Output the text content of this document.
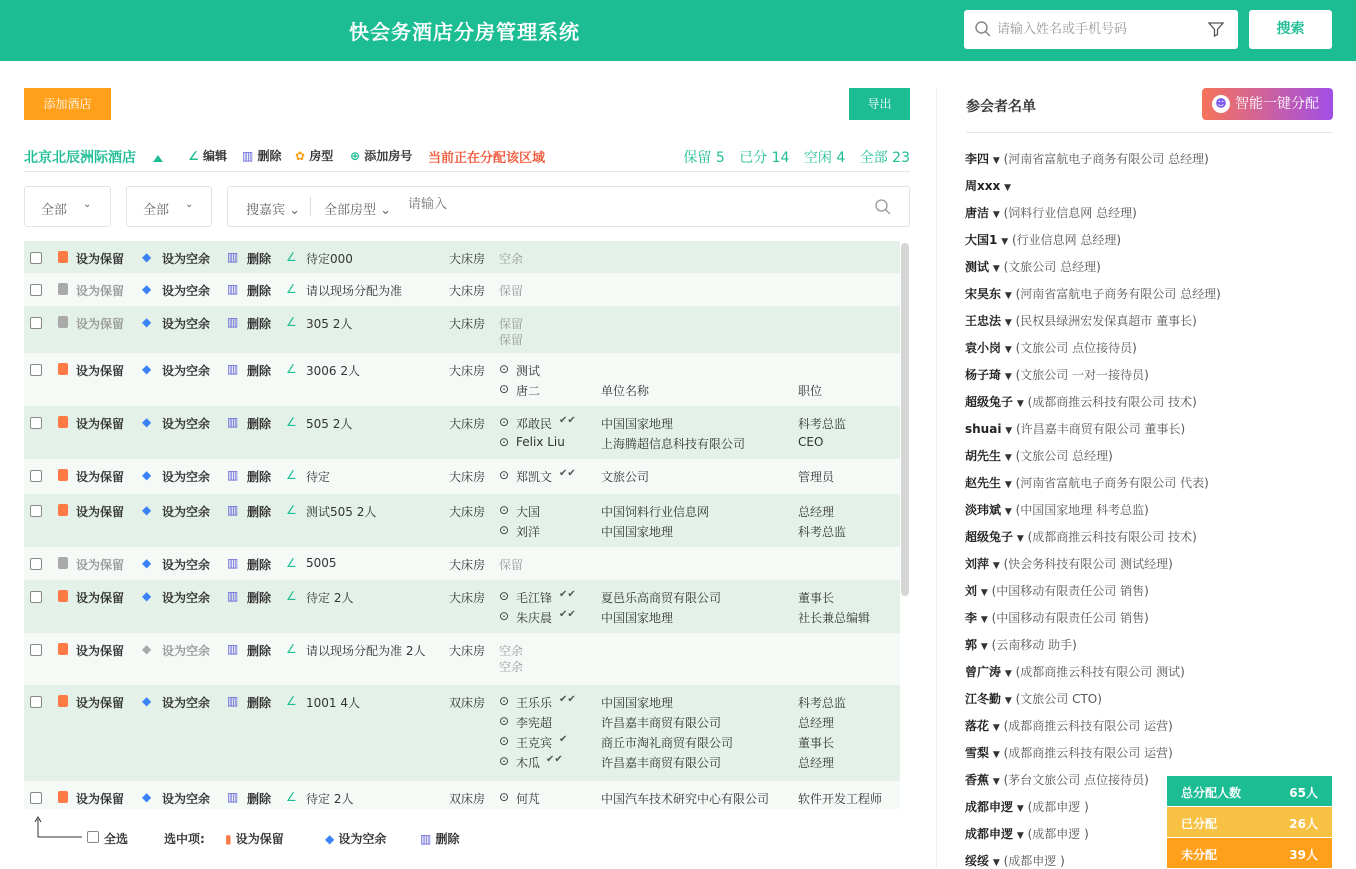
快会务酒店分房管理系统
请输入姓名或手机号码	搜索
添加酒店	导出
北京北辰洲际酒店	∠ 编辑 ▥ 删除 ✿ 房型 ⊕ 添加房号 当前正在分配该区域	保留 5 已分 14 空闲 4 全部 23
全部 ⌄	全部 ⌄	搜嘉宾 ⌄ 全部房型 ⌄
请输入
设为保留 ◆ 设为空余 ▥ 删除 ∠ 待定000	大床房 空余
设为保留 ◆ 设为空余 ▥ 删除 ∠ 请以现场分配为准	大床房 保留
设为保留 ◆ 设为空余 ▥ 删除 ∠ 305 2人	大床房 保留
保留
设为保留 ◆ 设为空余 ▥ 删除 ∠ 3006 2人	大床房 ⊙ 测试
⊙ 唐二	单位名称	职位
设为保留 ◆ 设为空余 ▥ 删除 ∠ 505 2人	大床房 ⊙ 邓敢民 ✔✔ 中国国家地理	科考总监
⊙ Felix Liu	上海腾超信息科技有限公司	CEO
设为保留 ◆ 设为空余 ▥ 删除 ∠ 待定	大床房 ⊙ 郑凯文 ✔✔ 文旅公司	管理员
设为保留 ◆ 设为空余 ▥ 删除 ∠ 测试505 2人	大床房 ⊙ 大国	中国饲料行业信息网	总经理
⊙ 刘洋	中国国家地理	科考总监
设为保留 ◆ 设为空余 ▥ 删除 ∠ 5005	大床房 保留
设为保留 ◆ 设为空余 ▥ 删除 ∠ 待定 2人	大床房 ⊙ 毛江锋 ✔✔ 夏邑乐高商贸有限公司	董事长
⊙ 朱庆晨 ✔✔ 中国国家地理	社长兼总编辑
设为保留 ◆ 设为空余 ▥ 删除 ∠ 请以现场分配为准 2人 大床房 空余
空余
设为保留 ◆ 设为空余 ▥ 删除 ∠ 1001 4人	双床房 ⊙ 王乐乐 ✔✔ 中国国家地理	科考总监
⊙ 李宪超	许昌嘉丰商贸有限公司	总经理
⊙ 王克宾 ✔	商丘市淘礼商贸有限公司	董事长
⊙ 木瓜 ✔✔	许昌嘉丰商贸有限公司	总经理
设为保留 ◆ 设为空余 ▥ 删除 ∠ 待定 2人	双床房 ⊙ 何芃	中国汽车技术研究中心有限公司 软件开发工程师
全选	选中项: ▮ 设为保留	◆ 设为空余	▥ 删除
参会者名单	☻ 智能一键分配
李四 ▼ (河南省富航电子商务有限公司 总经理)
周xxx ▼
唐洁 ▼ (饲料行业信息网 总经理)
大国1 ▼ (行业信息网 总经理)
测试 ▼ (文旅公司 总经理)
宋昊东 ▼ (河南省富航电子商务有限公司 总经理)
王忠法 ▼ (民权县绿洲宏发保真超市 董事长)
袁小岗 ▼ (文旅公司 点位接待员)
杨子琦 ▼ (文旅公司 一对一接待员)
超级兔子 ▼ (成都商推云科技有限公司 技术)
shuai ▼ (许昌嘉丰商贸有限公司 董事长)
胡先生 ▼ (文旅公司 总经理)
赵先生 ▼ (河南省富航电子商务有限公司 代表)
淡玮斌 ▼ (中国国家地理 科考总监)
超级兔子 ▼ (成都商推云科技有限公司 技术)
刘萍 ▼ (快会务科技有限公司 测试经理)
刘 ▼ (中国移动有限责任公司 销售)
李 ▼ (中国移动有限责任公司 销售)
郭 ▼ (云南移动 助手)
曾广涛 ▼ (成都商推云科技有限公司 测试)
江冬勤 ▼ (文旅公司 CTO)
落花 ▼ (成都商推云科技有限公司 运营)
雪梨 ▼ (成都商推云科技有限公司 运营)
香蕉 ▼ (茅台文旅公司 点位接待员)
成都申逻 ▼ (成都申逻 )
成都申逻 ▼ (成都申逻 )
绥绥 ▼ (成都申逻 )
总分配人数	65人
已分配	26人
未分配	39人
